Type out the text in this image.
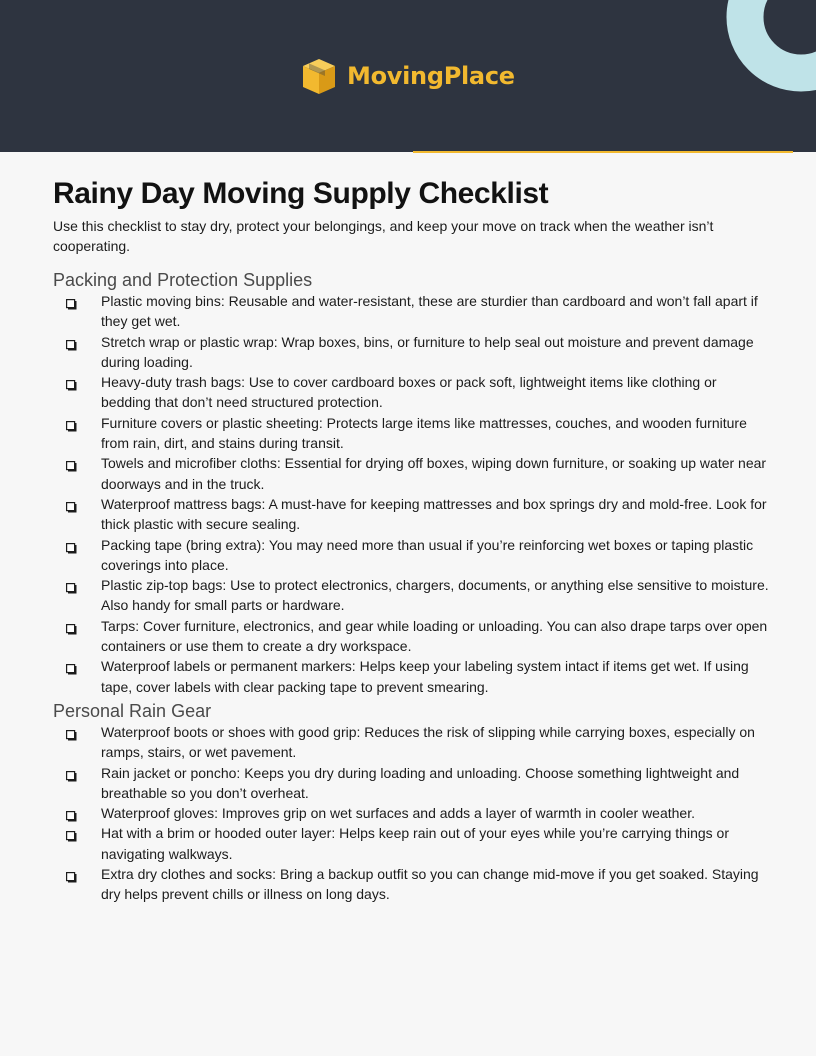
MovingPlace
Rainy Day Moving Supply Checklist

Use this checklist to stay dry, protect your belongings, and keep your move on track when the weather isn’t cooperating.

Packing and Protection Supplies
Plastic moving bins: Reusable and water-resistant, these are sturdier than cardboard and won’t fall apart if they get wet.
Stretch wrap or plastic wrap: Wrap boxes, bins, or furniture to help seal out moisture and prevent damage during loading.
Heavy-duty trash bags: Use to cover cardboard boxes or pack soft, lightweight items like clothing or bedding that don’t need structured protection.
Furniture covers or plastic sheeting: Protects large items like mattresses, couches, and wooden furniture from rain, dirt, and stains during transit.
Towels and microfiber cloths: Essential for drying off boxes, wiping down furniture, or soaking up water near doorways and in the truck.
Waterproof mattress bags: A must-have for keeping mattresses and box springs dry and mold-free. Look for thick plastic with secure sealing.
Packing tape (bring extra): You may need more than usual if you’re reinforcing wet boxes or taping plastic coverings into place.
Plastic zip-top bags: Use to protect electronics, chargers, documents, or anything else sensitive to moisture. Also handy for small parts or hardware.
Tarps: Cover furniture, electronics, and gear while loading or unloading. You can also drape tarps over open containers or use them to create a dry workspace.
Waterproof labels or permanent markers: Helps keep your labeling system intact if items get wet. If using tape, cover labels with clear packing tape to prevent smearing.
Personal Rain Gear
Waterproof boots or shoes with good grip: Reduces the risk of slipping while carrying boxes, especially on ramps, stairs, or wet pavement.
Rain jacket or poncho: Keeps you dry during loading and unloading. Choose something lightweight and breathable so you don’t overheat.
Waterproof gloves: Improves grip on wet surfaces and adds a layer of warmth in cooler weather.
Hat with a brim or hooded outer layer: Helps keep rain out of your eyes while you’re carrying things or navigating walkways.
Extra dry clothes and socks: Bring a backup outfit so you can change mid-move if you get soaked. Staying dry helps prevent chills or illness on long days.
